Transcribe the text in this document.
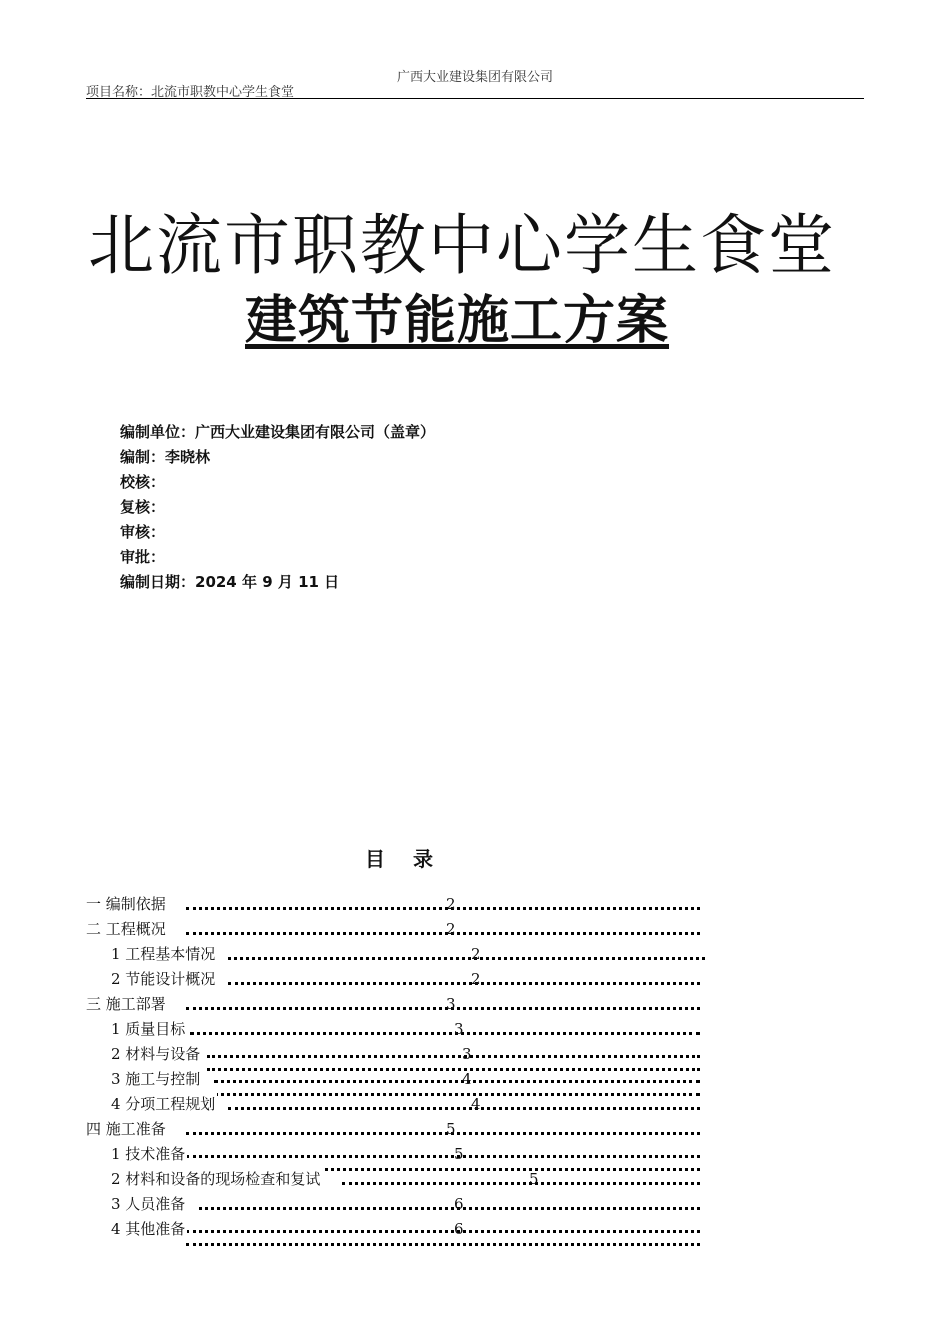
广西大业建设集团有限公司
项目名称：北流市职教中心学生食堂
北流市职教中心学生食堂
建筑节能施工方案
编制单位：广西大业建设集团有限公司（盖章）
编制：李晓林
校核：
复核：
审核：
审批：
编制日期：2024 年 9 月 11 日
目录
一 编制依据	2
二 工程概况	2
1 工程基本情况	2
2 节能设计概况	2
三 施工部署	3
1 质量目标	3
2 材料与设备	3
3 施工与控制	4
4 分项工程规划	4
四 施工准备	5
1 技术准备	5
2 材料和设备的现场检查和复试	5
3 人员准备	6
4 其他准备	6
